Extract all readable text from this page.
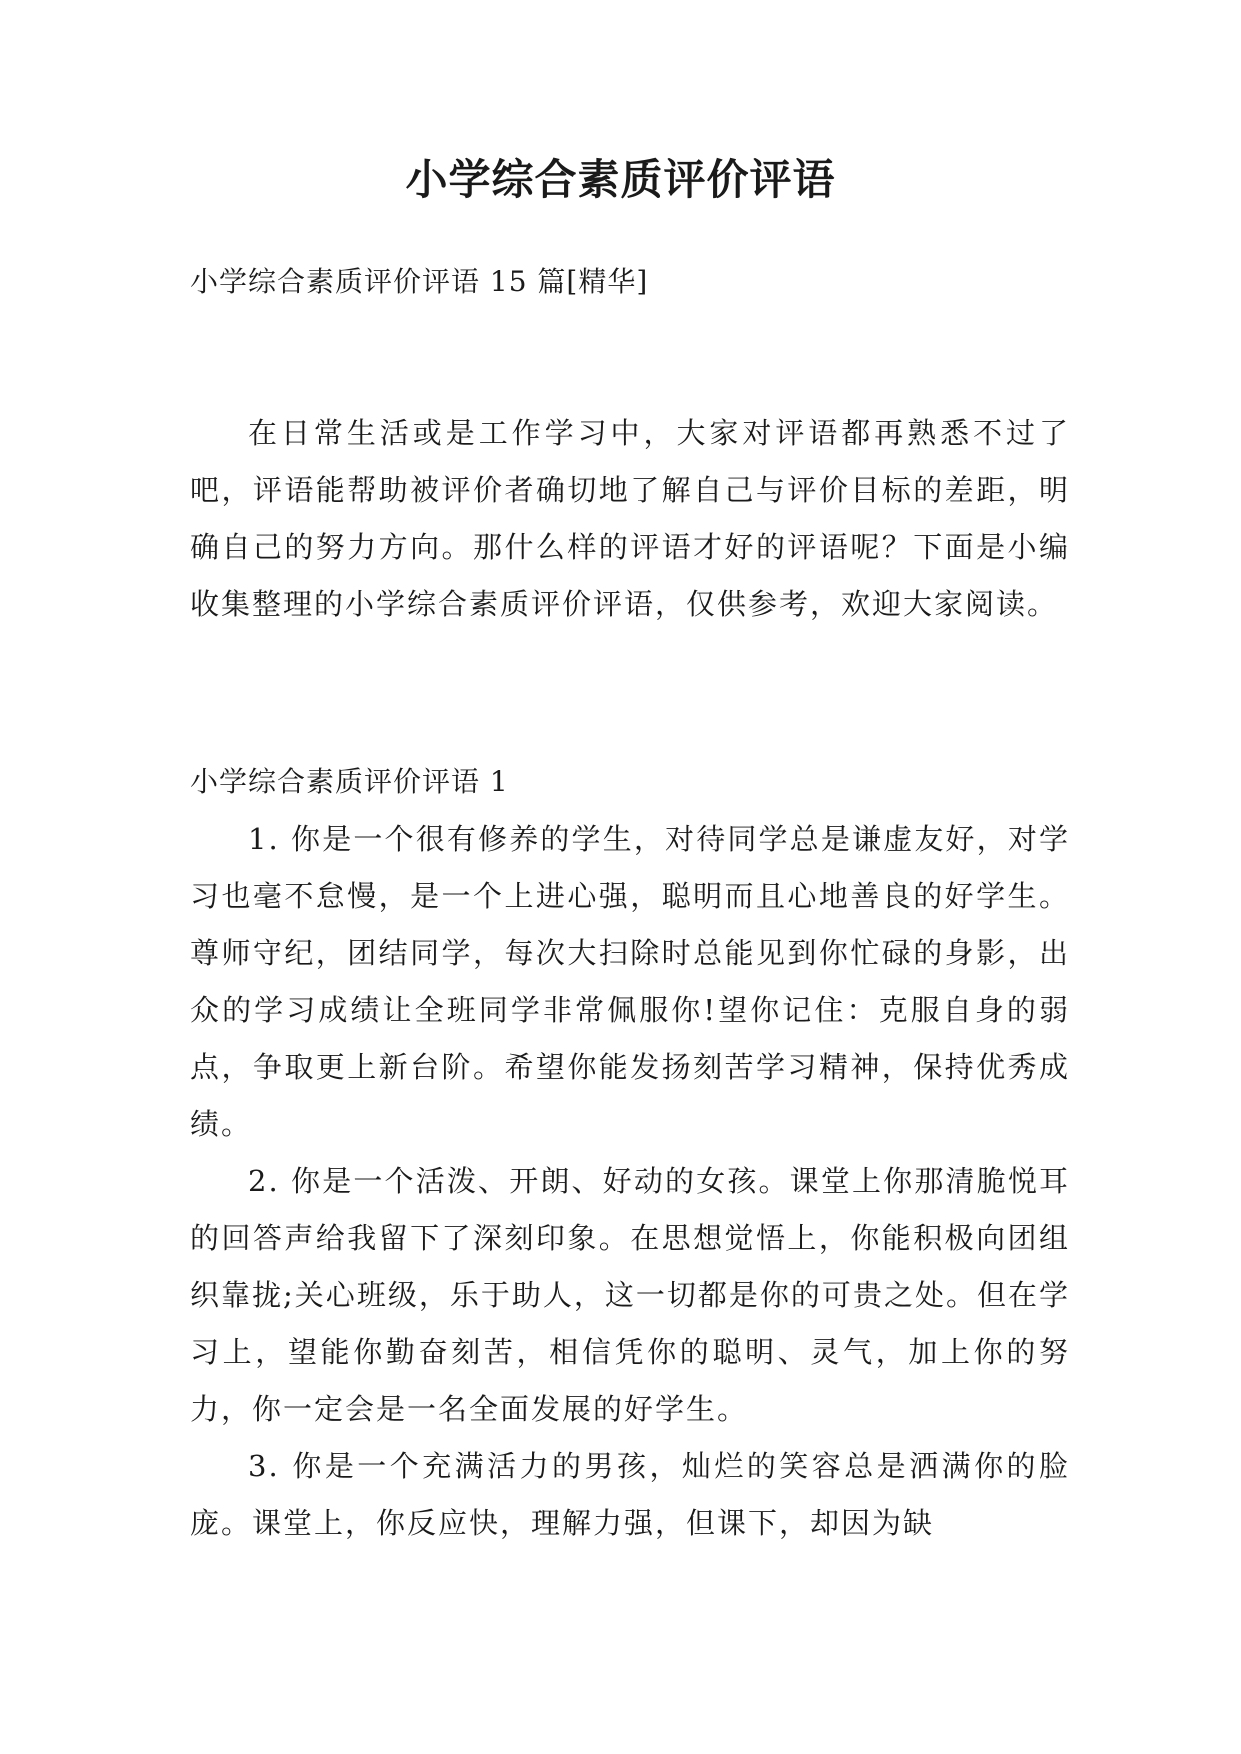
小学综合素质评价评语
小学综合素质评价评语 15 篇[精华]

在日常生活或是工作学习中，大家对评语都再熟悉不过了吧，评语能帮助被评价者确切地了解自己与评价目标的差距，明确自己的努力方向。那什么样的评语才好的评语呢？下面是小编收集整理的小学综合素质评价评语，仅供参考，欢迎大家阅读。

小学综合素质评价评语 1

1. 你是一个很有修养的学生，对待同学总是谦虚友好，对学习也毫不怠慢，是一个上进心强，聪明而且心地善良的好学生。尊师守纪，团结同学，每次大扫除时总能见到你忙碌的身影，出众的学习成绩让全班同学非常佩服你!望你记住：克服自身的弱点，争取更上新台阶。希望你能发扬刻苦学习精神，保持优秀成绩。

2. 你是一个活泼、开朗、好动的女孩。课堂上你那清脆悦耳的回答声给我留下了深刻印象。在思想觉悟上，你能积极向团组织靠拢;关心班级，乐于助人，这一切都是你的可贵之处。但在学习上，望能你勤奋刻苦，相信凭你的聪明、灵气，加上你的努力，你一定会是一名全面发展的好学生。

3. 你是一个充满活力的男孩，灿烂的笑容总是洒满你的脸庞。课堂上，你反应快，理解力强，但课下，却因为缺
